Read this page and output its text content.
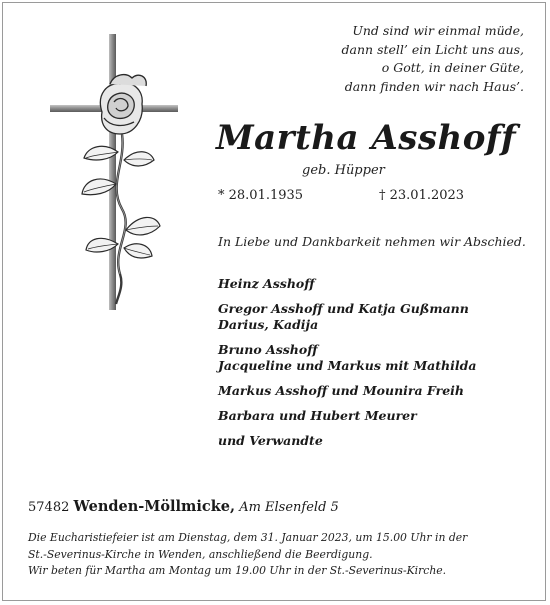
Und sind wir einmal müde,
dann stell’ ein Licht uns aus,
o Gott, in deiner Güte,
dann finden wir nach Haus’.
Martha Asshoff
geb. Hüpper
* 28.01.1935	† 23.01.2023
In Liebe und Dankbarkeit nehmen wir Abschied.
Heinz Asshoff
Gregor Asshoff und Katja Gußmann
Darius, Kadija
Bruno Asshoff
Jacqueline und Markus mit Mathilda
Markus Asshoff und Mounira Freih
Barbara und Hubert Meurer
und Verwandte
57482 Wenden-Möllmicke, Am Elsenfeld 5
Die Eucharistiefeier ist am Dienstag, dem 31. Januar 2023, um 15.00 Uhr in der
St.-Severinus-Kirche in Wenden, anschließend die Beerdigung.
Wir beten für Martha am Montag um 19.00 Uhr in der St.-Severinus-Kirche.
